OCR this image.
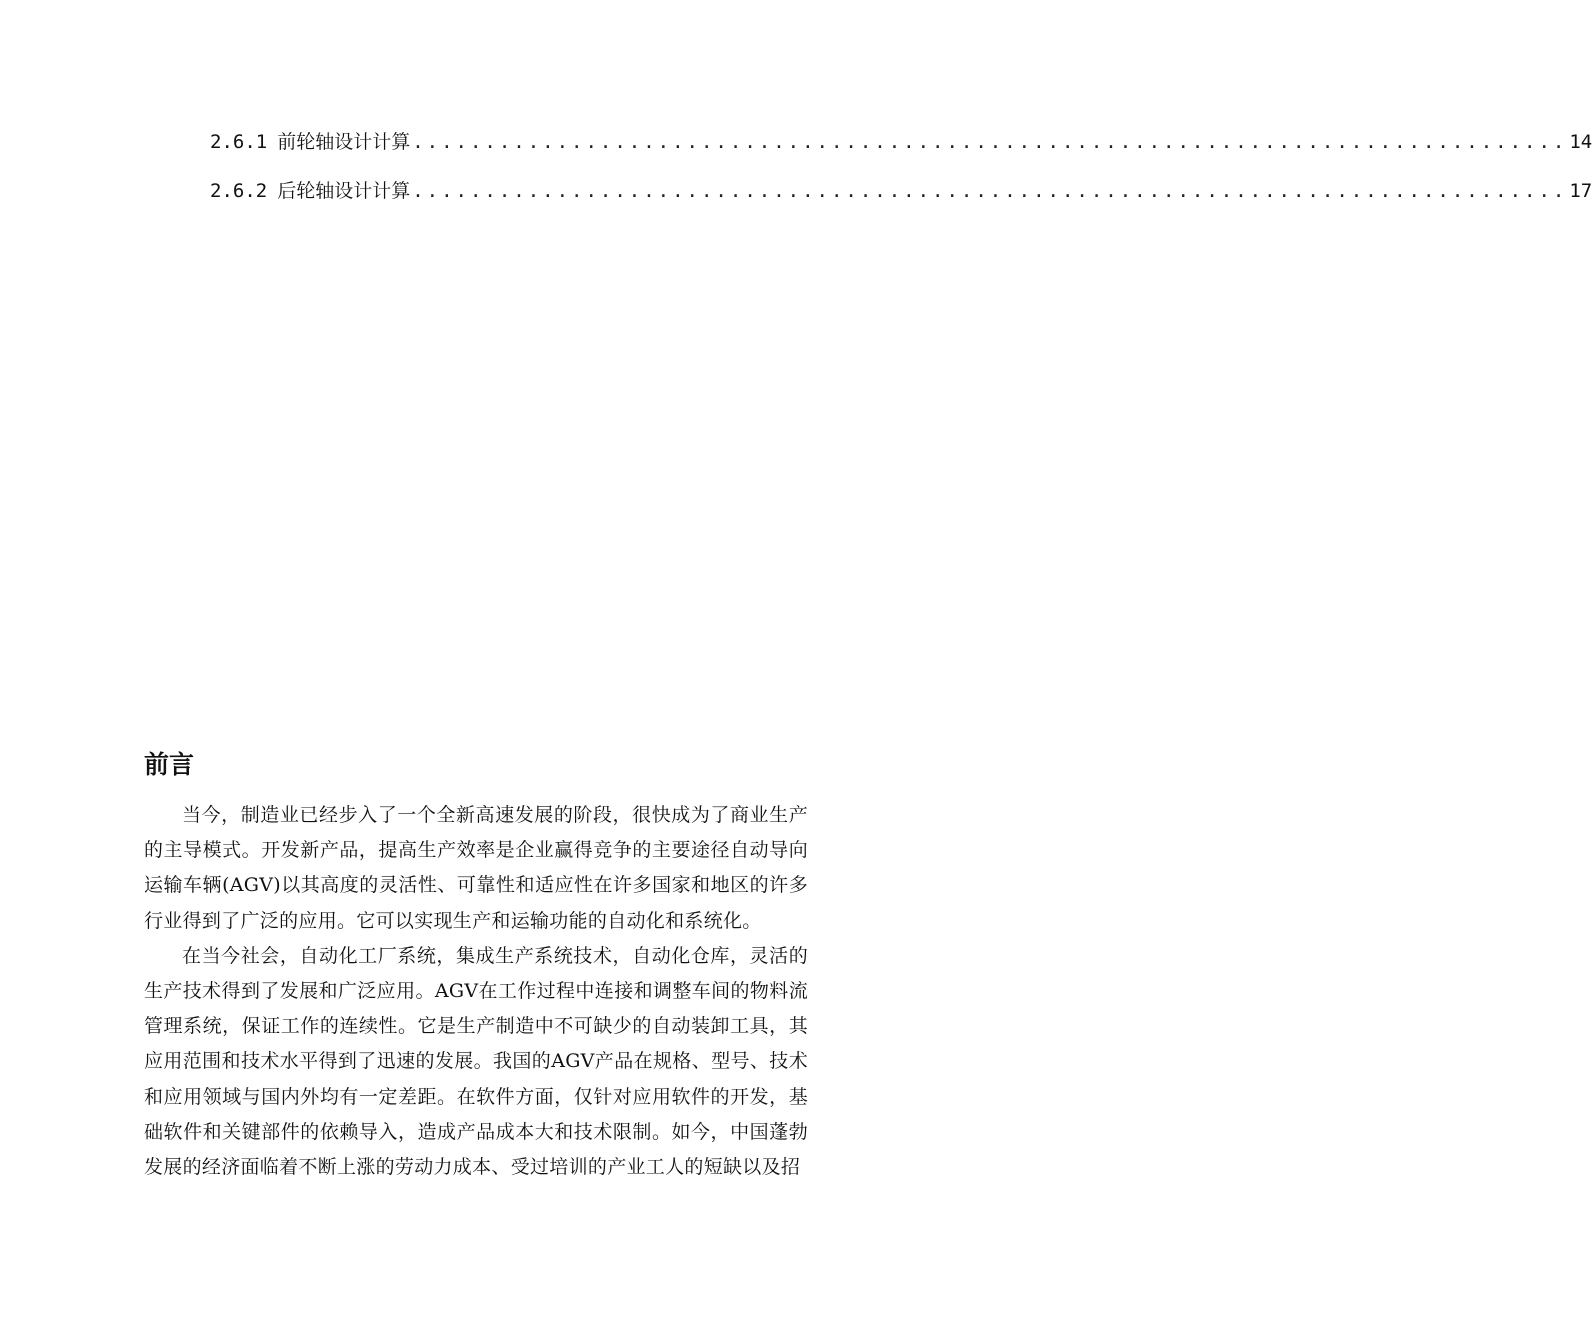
2.6.1 前轮轴设计计算 ................................................................................ 14
2.6.2 后轮轴设计计算 ................................................................................ 17
前言

当今，制造业已经步入了一个全新高速发展的阶段，很快成为了商业生产的主导模式。开发新产品，提高生产效率是企业赢得竞争的主要途径自动导向运输车辆(AGV)以其高度的灵活性、可靠性和适应性在许多国家和地区的许多行业得到了广泛的应用。它可以实现生产和运输功能的自动化和系统化。

在当今社会，自动化工厂系统，集成生产系统技术，自动化仓库，灵活的生产技术得到了发展和广泛应用。AGV在工作过程中连接和调整车间的物料流管理系统，保证工作的连续性。它是生产制造中不可缺少的自动装卸工具，其应用范围和技术水平得到了迅速的发展。我国的AGV产品在规格、型号、技术和应用领域与国内外均有一定差距。在软件方面，仅针对应用软件的开发，基础软件和关键部件的依赖导入，造成产品成本大和技术限制。如今，中国蓬勃发展的经济面临着不断上涨的劳动力成本、受过培训的产业工人的短缺以及招
